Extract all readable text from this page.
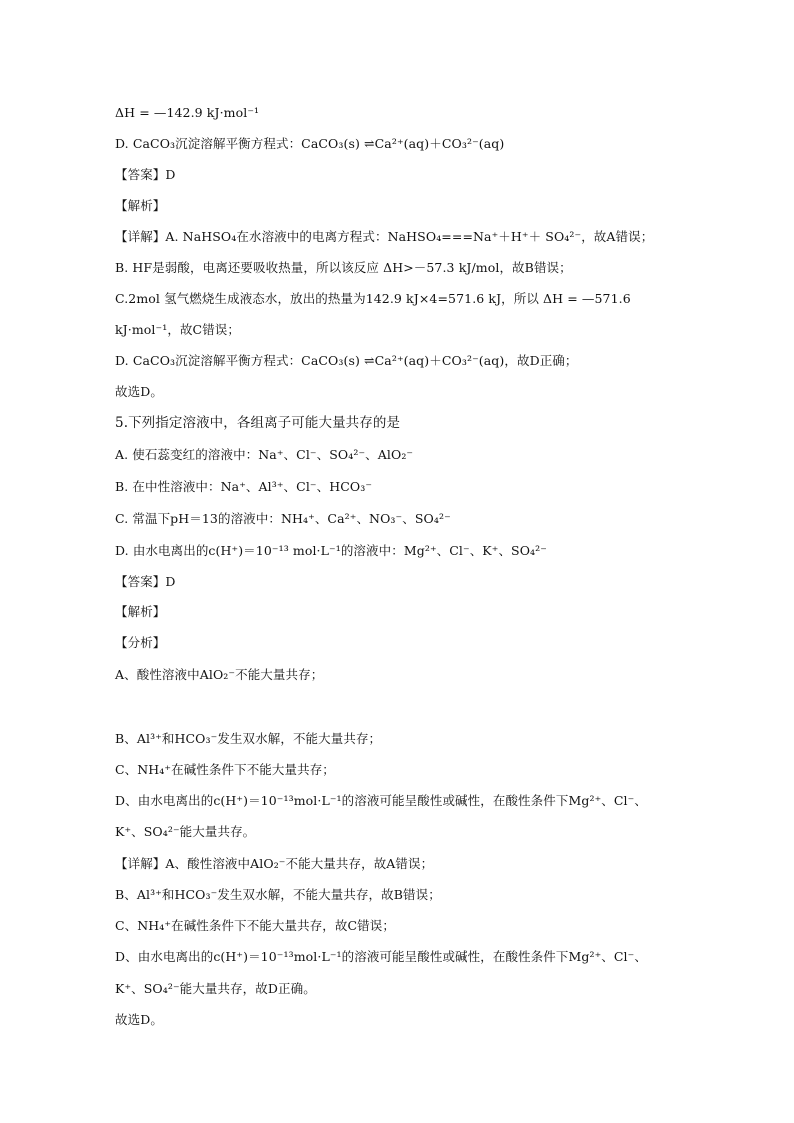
ΔH = —142.9 kJ·mol⁻¹
D. CaCO₃沉淀溶解平衡方程式：CaCO₃(s) ⇌Ca²⁺(aq)＋CO₃²⁻(aq)
【答案】D
【解析】
【详解】A. NaHSO₄在水溶液中的电离方程式：NaHSO₄===Na⁺＋H⁺＋ SO₄²⁻，故A错误；
B. HF是弱酸，电离还要吸收热量，所以该反应 ΔH>－57.3 kJ/mol，故B错误；
C.2mol 氢气燃烧生成液态水，放出的热量为142.9 kJ×4=571.6 kJ，所以 ΔH = —571.6
kJ·mol⁻¹，故C错误；
D. CaCO₃沉淀溶解平衡方程式：CaCO₃(s) ⇌Ca²⁺(aq)＋CO₃²⁻(aq)，故D正确；
故选D。
5.下列指定溶液中，各组离子可能大量共存的是
A. 使石蕊变红的溶液中：Na⁺、Cl⁻、SO₄²⁻、AlO₂⁻
B. 在中性溶液中：Na⁺、Al³⁺、Cl⁻、HCO₃⁻
C. 常温下pH＝13的溶液中：NH₄⁺、Ca²⁺、NO₃⁻、SO₄²⁻
D. 由水电离出的c(H⁺)＝10⁻¹³ mol·L⁻¹的溶液中：Mg²⁺、Cl⁻、K⁺、SO₄²⁻
【答案】D
【解析】
【分析】
A、酸性溶液中AlO₂⁻不能大量共存；
B、Al³⁺和HCO₃⁻发生双水解，不能大量共存；
C、NH₄⁺在碱性条件下不能大量共存；
D、由水电离出的c(H⁺)＝10⁻¹³mol·L⁻¹的溶液可能呈酸性或碱性，在酸性条件下Mg²⁺、Cl⁻、
K⁺、SO₄²⁻能大量共存。
【详解】A、酸性溶液中AlO₂⁻不能大量共存，故A错误；
B、Al³⁺和HCO₃⁻发生双水解，不能大量共存，故B错误；
C、NH₄⁺在碱性条件下不能大量共存，故C错误；
D、由水电离出的c(H⁺)＝10⁻¹³mol·L⁻¹的溶液可能呈酸性或碱性，在酸性条件下Mg²⁺、Cl⁻、
K⁺、SO₄²⁻能大量共存，故D正确。
故选D。
